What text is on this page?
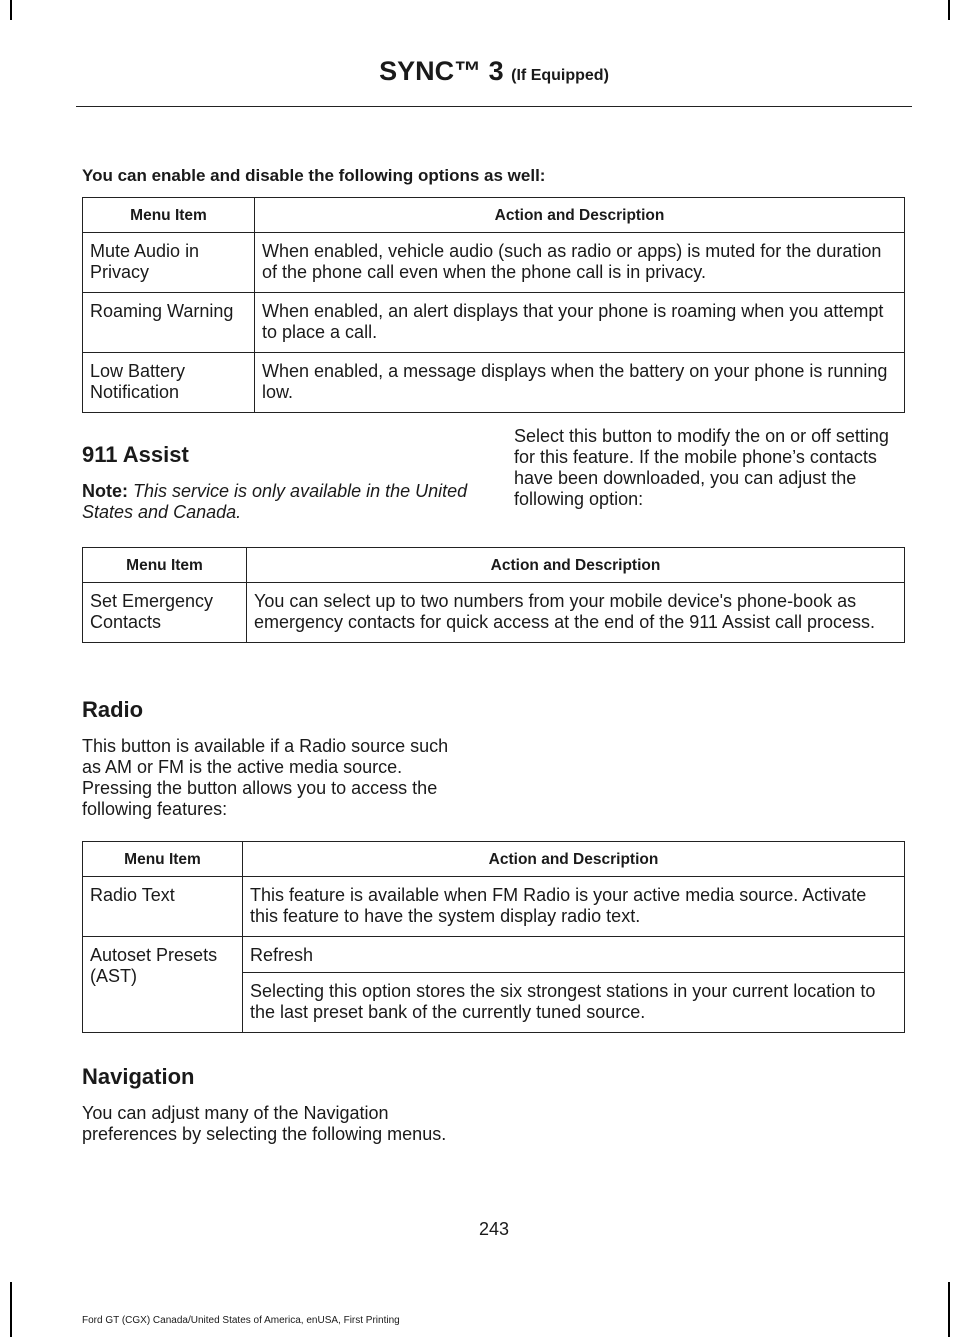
SYNC™ 3 (If Equipped)
You can enable and disable the following options as well:
Menu Item	Action and Description
Mute Audio in Privacy	When enabled, vehicle audio (such as radio or apps) is muted for the duration of the phone call even when the phone call is in privacy.
Roaming Warning	When enabled, an alert displays that your phone is roaming when you attempt to place a call.
Low Battery Notification	When enabled, a message displays when the battery on your phone is running low.
911 Assist
Note: This service is only available in the United States and Canada.
Select this button to modify the on or off setting for this feature. If the mobile phone’s contacts have been downloaded, you can adjust the following option:
Menu Item	Action and Description
Set Emergency Contacts	You can select up to two numbers from your mobile device's phone-book as emergency contacts for quick access at the end of the 911 Assist call process.
Radio
This button is available if a Radio source such as AM or FM is the active media source. Pressing the button allows you to access the following features:
Menu Item	Action and Description
Radio Text	This feature is available when FM Radio is your active media source. Activate this feature to have the system display radio text.
Autoset Presets (AST)	Refresh
	Selecting this option stores the six strongest stations in your current location to the last preset bank of the currently tuned source.
Navigation
You can adjust many of the Navigation preferences by selecting the following menus.
243
Ford GT (CGX) Canada/United States of America, enUSA, First Printing
